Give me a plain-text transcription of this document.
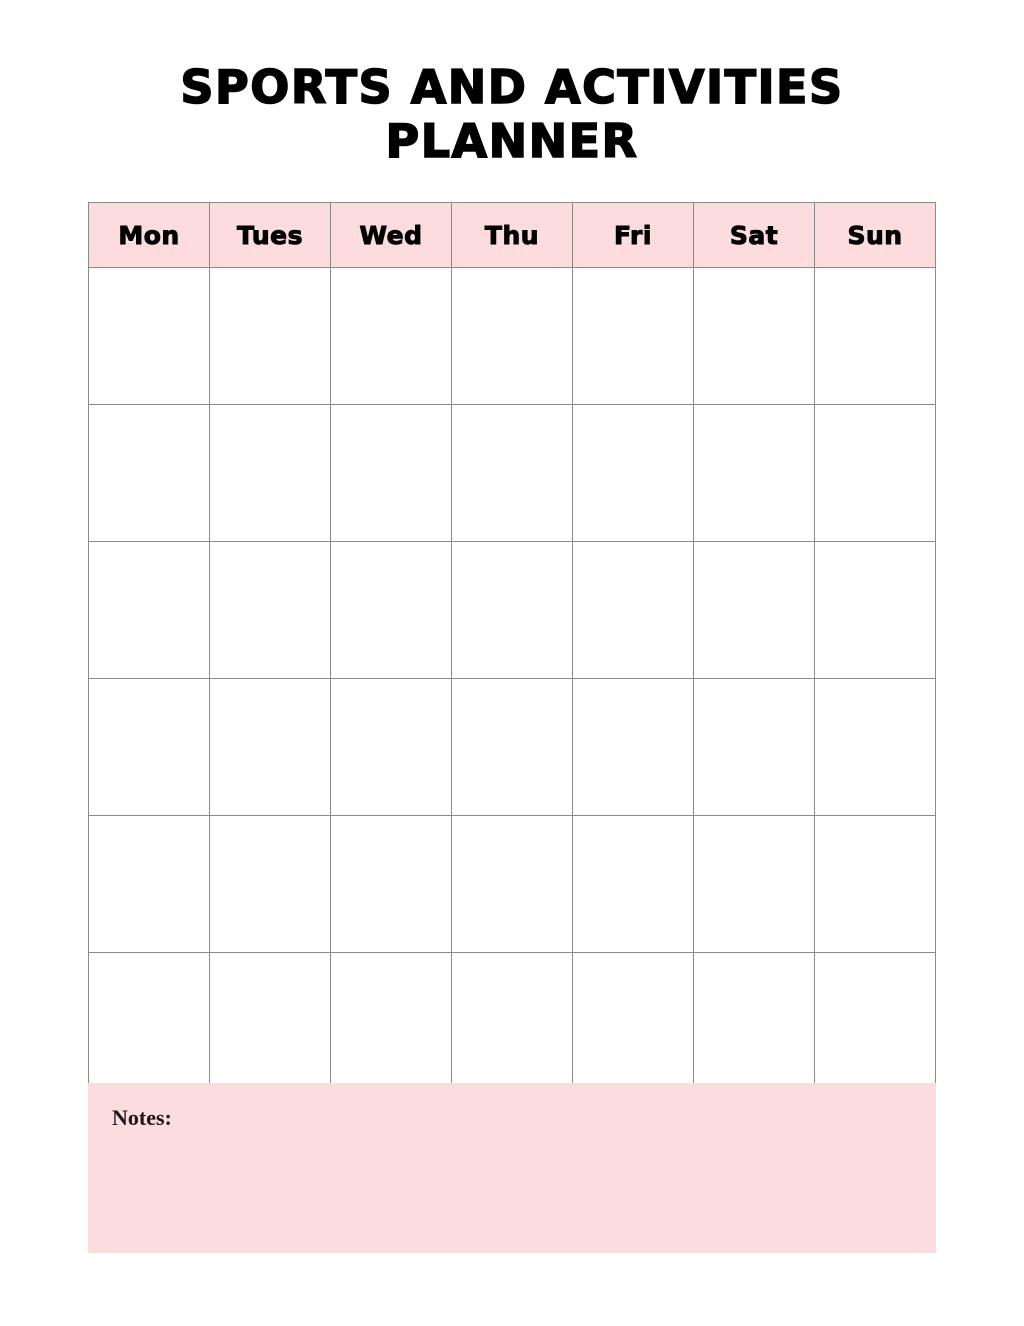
SPORTS AND ACTIVITIES
PLANNER
Mon	Tues	Wed	Thu	Fri	Sat	Sun

Notes:
